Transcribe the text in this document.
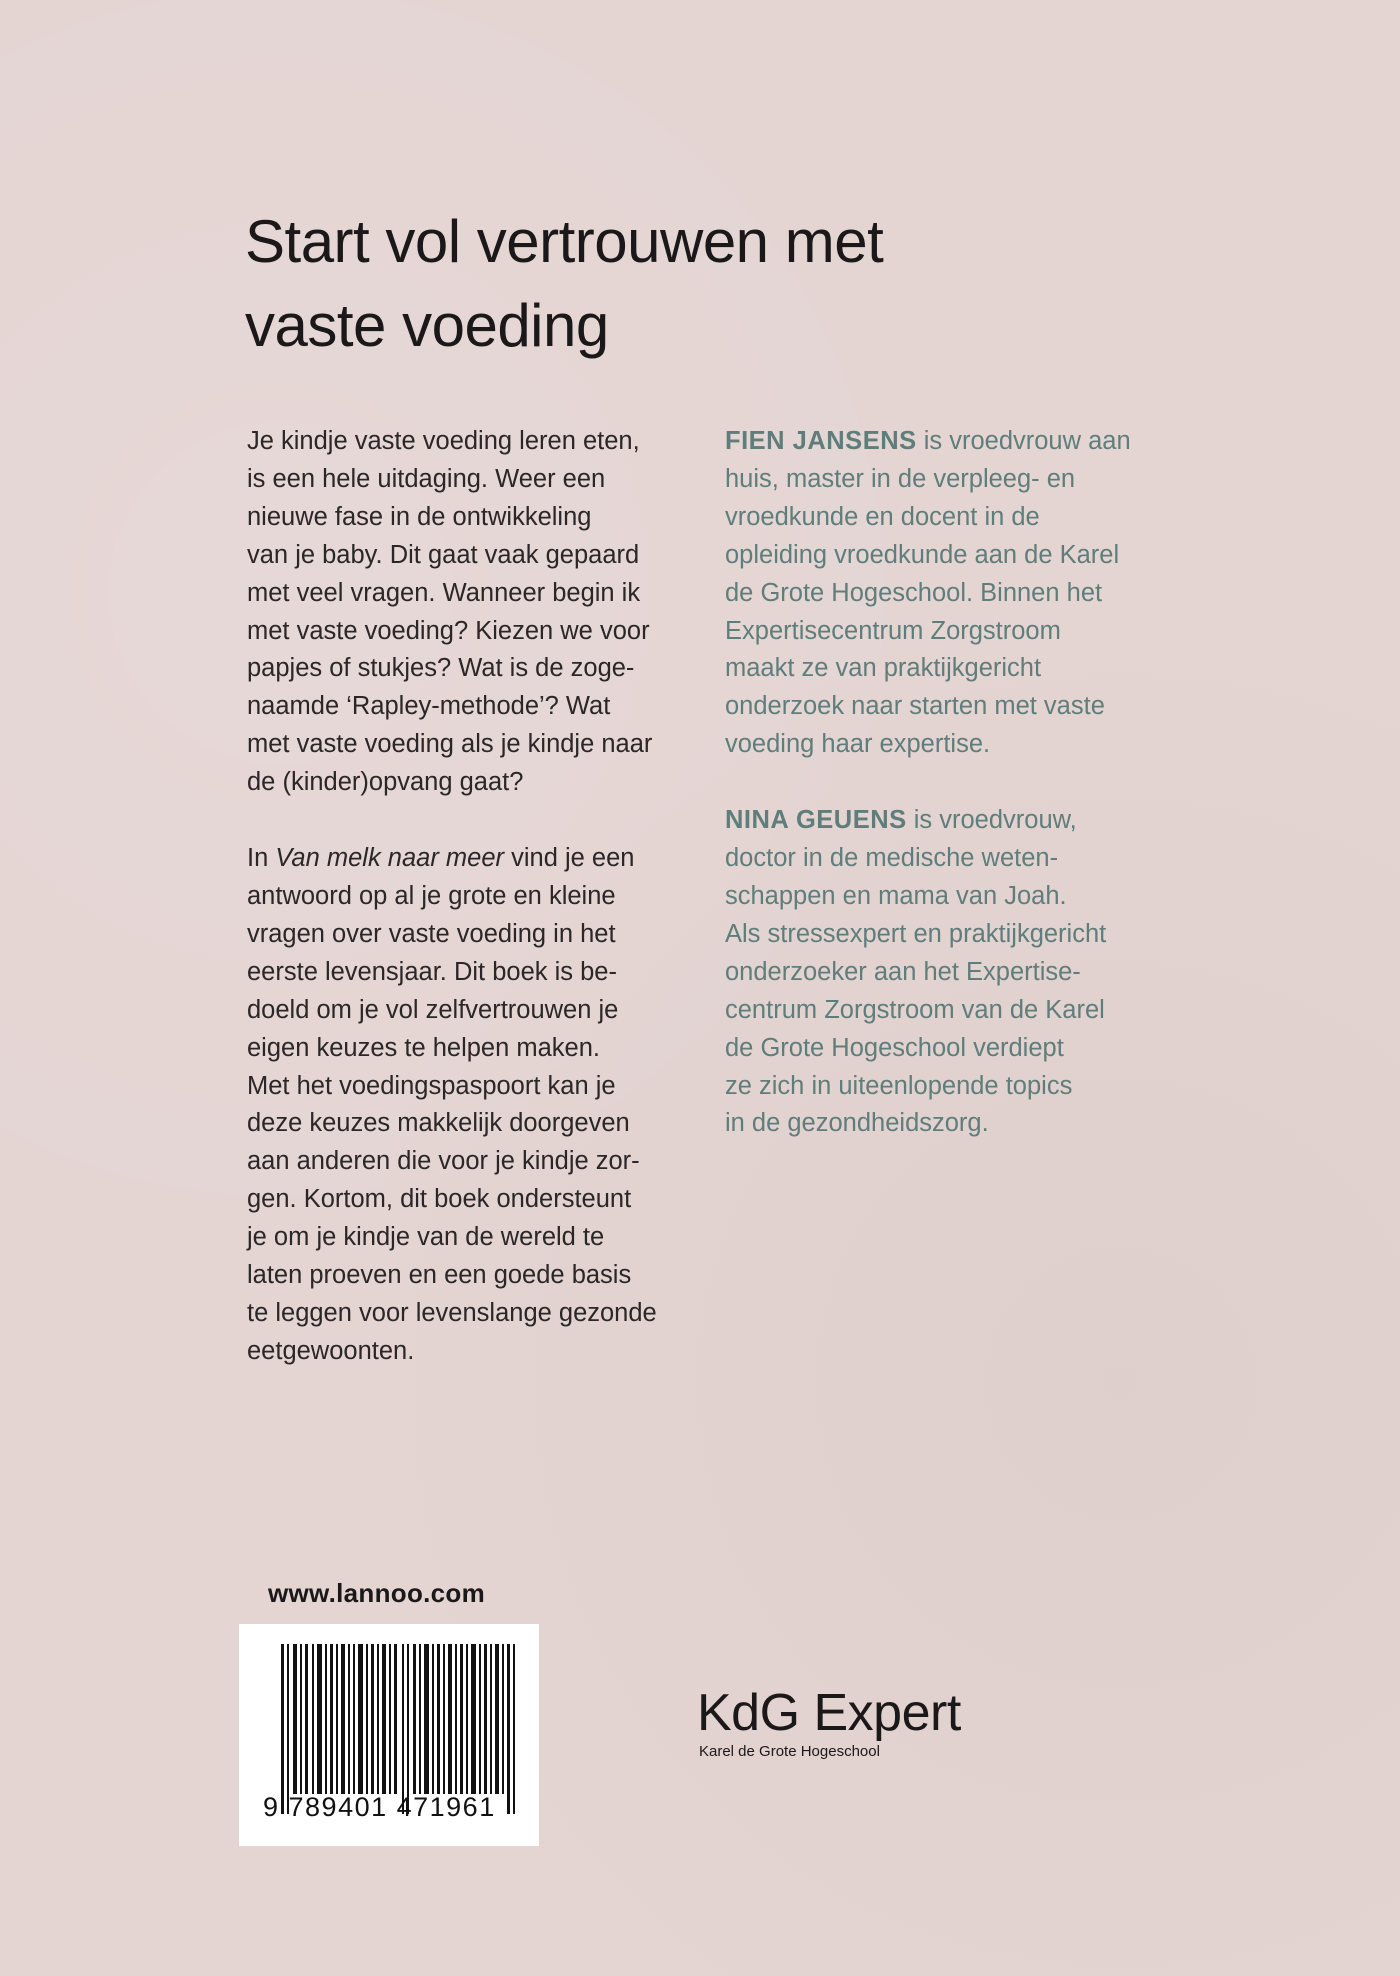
Start vol vertrouwen met
vaste voeding

Je kindje vaste voeding leren eten,
is een hele uitdaging. Weer een
nieuwe fase in de ontwikkeling
van je baby. Dit gaat vaak gepaard
met veel vragen. Wanneer begin ik
met vaste voeding? Kiezen we voor
papjes of stukjes? Wat is de zoge-
naamde ‘Rapley-methode’? Wat
met vaste voeding als je kindje naar
de (kinder)opvang gaat?

In Van melk naar meer vind je een
antwoord op al je grote en kleine
vragen over vaste voeding in het
eerste levensjaar. Dit boek is be-
doeld om je vol zelfvertrouwen je
eigen keuzes te helpen maken.
Met het voedingspaspoort kan je
deze keuzes makkelijk doorgeven
aan anderen die voor je kindje zor-
gen. Kortom, dit boek ondersteunt
je om je kindje van de wereld te
laten proeven en een goede basis
te leggen voor levenslange gezonde
eetgewoonten.

FIEN JANSENS is vroedvrouw aan
huis, master in de verpleeg- en
vroedkunde en docent in de
opleiding vroedkunde aan de Karel
de Grote Hogeschool. Binnen het
Expertisecentrum Zorgstroom
maakt ze van praktijkgericht
onderzoek naar starten met vaste
voeding haar expertise.

NINA GEUENS is vroedvrouw,
doctor in de medische weten-
schappen en mama van Joah.
Als stressexpert en praktijkgericht
onderzoeker aan het Expertise-
centrum Zorgstroom van de Karel
de Grote Hogeschool verdiept
ze zich in uiteenlopende topics
in de gezondheidszorg.

www.lannoo.com
9 789401 471961
KdG Expert
Karel de Grote Hogeschool
